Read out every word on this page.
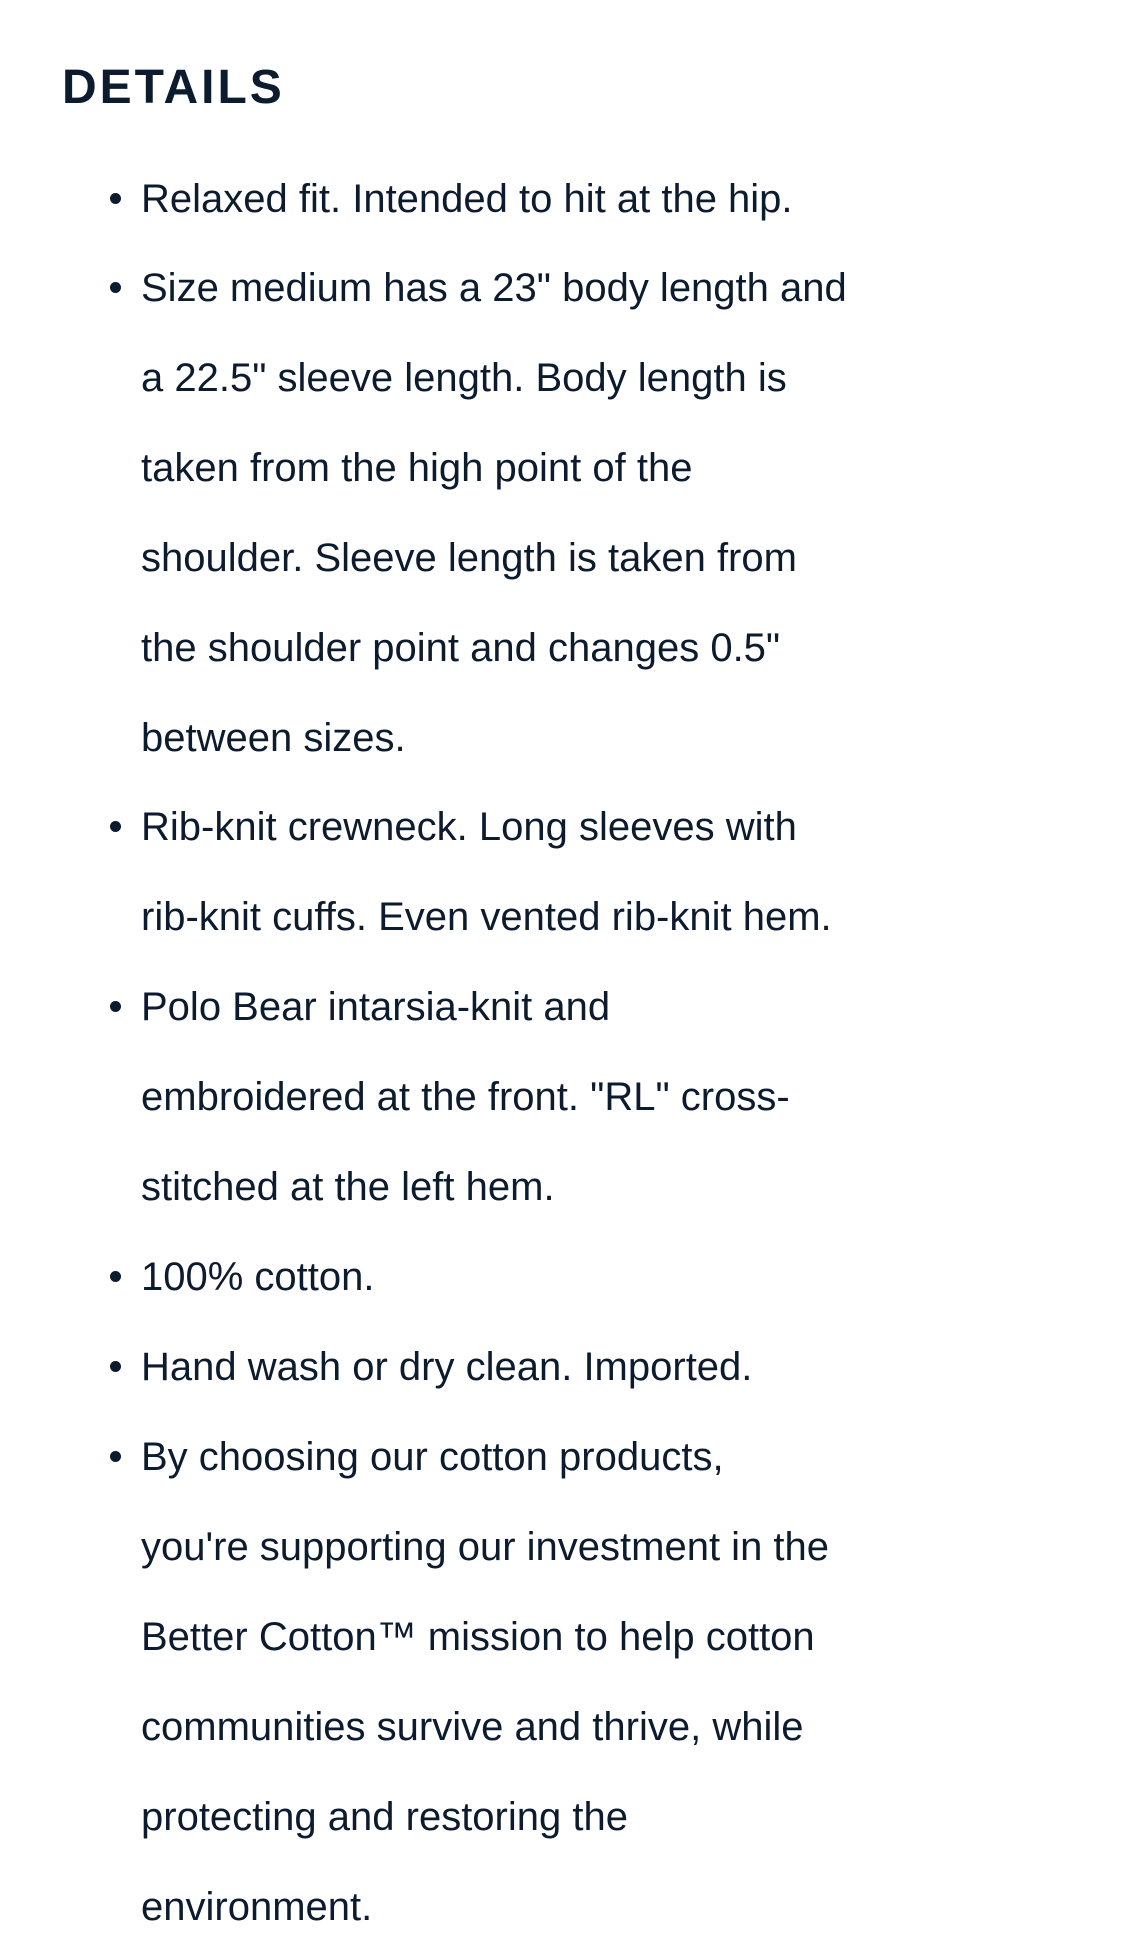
DETAILS
Relaxed fit. Intended to hit at the hip.
Size medium has a 23" body length and
a 22.5" sleeve length. Body length is
taken from the high point of the
shoulder. Sleeve length is taken from
the shoulder point and changes 0.5"
between sizes.
Rib-knit crewneck. Long sleeves with
rib-knit cuffs. Even vented rib-knit hem.
Polo Bear intarsia-knit and
embroidered at the front. "RL" cross-
stitched at the left hem.
100% cotton.
Hand wash or dry clean. Imported.
By choosing our cotton products,
you're supporting our investment in the
Better Cotton™ mission to help cotton
communities survive and thrive, while
protecting and restoring the
environment.
